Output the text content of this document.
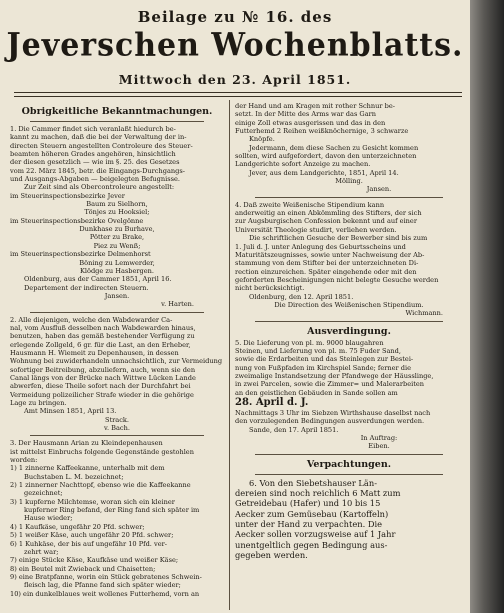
Beilage zu № 16. des
Jeverschen Wochenblatts.
Mittwoch den 23. April 1851.
Obrigkeitliche Bekanntmachungen.

1. Die Cammer findet sich veranlaßt hiedurch be-

kannt zu machen, daß die bei der Verwaltung der in-

directen Steuern angestellten Controleure des Steuer-

beamten höheren Grades angehören, hinsichtlich

der diesen gesetzlich — wie im §. 25. des Gesetzes

vom 22. März 1845, betr. die Eingangs-Durchgangs-

und Ausgangs-Abgaben — beigelegten Befugnisse.

Zur Zeit sind als Obercontroleure angestellt:

im Steuerinspectionsbezirke Jever

Baum zu Sielhorn,

Tönjes zu Hooksiel;

im Steuerinspectionsbezirke Ovelgönne

Dunkhase zu Burhave,

Pötter zu Brake,

Piez zu Wenß;

im Steuerinspectionsbezirke Delmenhorst

Böning zu Lemwerder,

Klödge zu Hasbergen.

Oldenburg, aus der Cammer 1851, April 16.

Departement der indirecten Steuern.

Jansen.

v. Harten.

2. Alle diejenigen, welche den Wabdewarder Ca-

nal, vom Ausfluß desselben nach Wabdewarden hinaus,

benutzen, haben das gemäß bestehender Verfügung zu

erlegende Zollgeld, 6 gr. für die Last, an den Erheber,

Hausmann H. Wiemeit zu Depenhausen, in dessen

Wohnung bei zuwiderhandeln unnachsichtlich, zur Vermeidung

sofortiger Beitreibung, abzuliefern, auch, wenn sie den

Canal längs von der Brücke nach Wittwe Lücken Lande

abwerfen, diese Theile sofort nach der Durchfahrt bei

Vermeidung polizeilicher Strafe wieder in die gehörige

Lage zu bringen.

Amt Minsen 1851, April 13.

Strack.

v. Bach.

3. Der Hausmann Arian zu Kleindepenhausen

ist mittelst Einbruchs folgende Gegenstände gestohlen

worden:

1) 1 zinnerne Kaffeekanne, unterhalb mit dem

Buchstaben L. M. bezeichnet;

2) 1 zinnerner Nachttopf, ebenso wie die Kaffeekanne

gezeichnet;

3) 1 kupferne Milchtemse, woran sich ein kleiner

kupferner Ring befand, der Ring fand sich später im

Hause wieder;

4) 1 Kaufkäse, ungefähr 20 Pfd. schwer;

5) 1 weißer Käse, auch ungefähr 20 Pfd. schwer;

6) 1 Kuhkäse, der bis auf ungefähr 10 Pfd. ver-

zehrt war;

7) einige Stücke Käse, Kaufkäse und weißer Käse;

8) ein Beutel mit Zwieback und Chaisetten;

9) eine Bratpfanne, worin ein Stück gebratenes Schwein-

fleisch lag, die Pfanne fand sich später wieder;

10) ein dunkelblaues weit wollenes Futterhemd, vorn an

der Hand und am Kragen mit rother Schnur be-

setzt. In der Mitte des Arms war das Garn

einige Zoll etwas ausgerissen und das in den

Futterhemd 2 Reihen weißknöchernige, 3 schwarze

Knöpfe.

Jedermann, dem diese Sachen zu Gesicht kommen

sollten, wird aufgefordert, davon den unterzeichneten

Landgerichte sofort Anzeige zu machen.

Jever, aus dem Landgerichte, 1851, April 14.

Mölling.

Jansen.

4. Daß zweite Weißenische Stipendium kann

anderweitig an einen Abkömmling des Stifters, der sich

zur Augsburgischen Confession bekennt und auf einer

Universität Theologie studirt, verliehen werden.

Die schriftlichen Gesuche der Bewerber sind bis zum

1. Juli d. J. unter Anlegung des Geburtsscheins und

Maturitätszeugnisses, sowie unter Nachweisung der Ab-

stammung von dem Stifter bei der unterzeichneten Di-

rection einzureichen. Später eingehende oder mit den

geforderten Bescheinigungen nicht belegte Gesuche werden

nicht berücksichtigt.

Oldenburg, den 12. April 1851.

Die Direction des Weißenischen Stipendium.

Wichmann.

Ausverdingung.

5. Die Lieferung von pl. m. 9000 blaugahren

Steinen, und Lieferung von pl. m. 75 Fuder Sand,

sowie die Erdarbeiten und das Steinlegen zur Bestei-

nung von Fußpfaden im Kirchspiel Sande; ferner die

zweimalige Instandsetzung der Pfandwege der Häusslinge,

in zwei Parcelen, sowie die Zimmer= und Malerarbeiten

an den geistlichen Gebäuden in Sande sollen am

28. April d. J.

Nachmittags 3 Uhr im Siebzen Wirthshause daselbst nach

den vorzulegenden Bedingungen ausverdungen werden.

Sande, den 17. April 1851.

In Auftrag:

Eiben.

Verpachtungen.

6. Von den Siebetshauser Län-

dereien sind noch reichlich 6 Matt zum

Getreidebau (Hafer) und 10 bis 15

Aecker zum Gemüsebau (Kartoffeln)

unter der Hand zu verpachten. Die

Aecker sollen vorzugsweise auf 1 Jahr

unentgeltlich gegen Bedingung aus-

gegeben werden.
